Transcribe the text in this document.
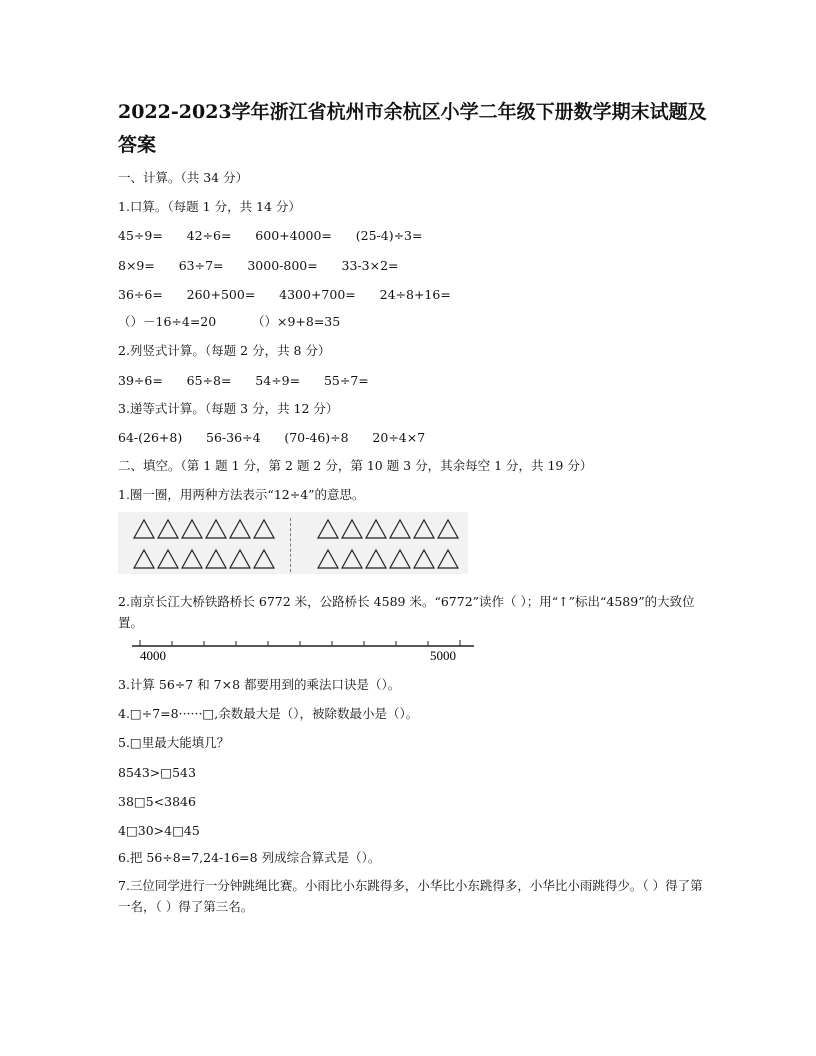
2022-2023学年浙江省杭州市余杭区小学二年级下册数学期末试题及答案
一、计算。（共 34 分）
1.口算。（每题 1 分，共 14 分）
45÷9=      42÷6=      600+4000=      (25-4)÷3=
8×9=      63÷7=      3000-800=      33-3×2=
36÷6=      260+500=      4300+700=      24÷8+16=
（）－16÷4=20         （）×9+8=35
2.列竖式计算。（每题 2 分，共 8 分）
39÷6=      65÷8=      54÷9=      55÷7=
3.递等式计算。（每题 3 分，共 12 分）
64-(26+8)      56-36÷4      (70-46)÷8      20÷4×7
二、填空。（第 1 题 1 分，第 2 题 2 分，第 10 题 3 分，其余每空 1 分，共 19 分）
1.圈一圈，用两种方法表示“12÷4”的意思。
2.南京长江大桥铁路桥长 6772 米，公路桥长 4589 米。“6772”读作（ ）；用“↑”标出“4589”的大致位置。
4000	5000
3.计算 56÷7 和 7×8 都要用到的乘法口诀是（）。
4.□÷7=8······□,余数最大是（），被除数最小是（）。
5.□里最大能填几？
8543>□543
38□5<3846
4□30>4□45
6.把 56÷8=7,24-16=8 列成综合算式是（）。
7.三位同学进行一分钟跳绳比赛。小雨比小东跳得多，小华比小东跳得多，小华比小雨跳得少。（ ）得了第一名，（ ）得了第三名。
